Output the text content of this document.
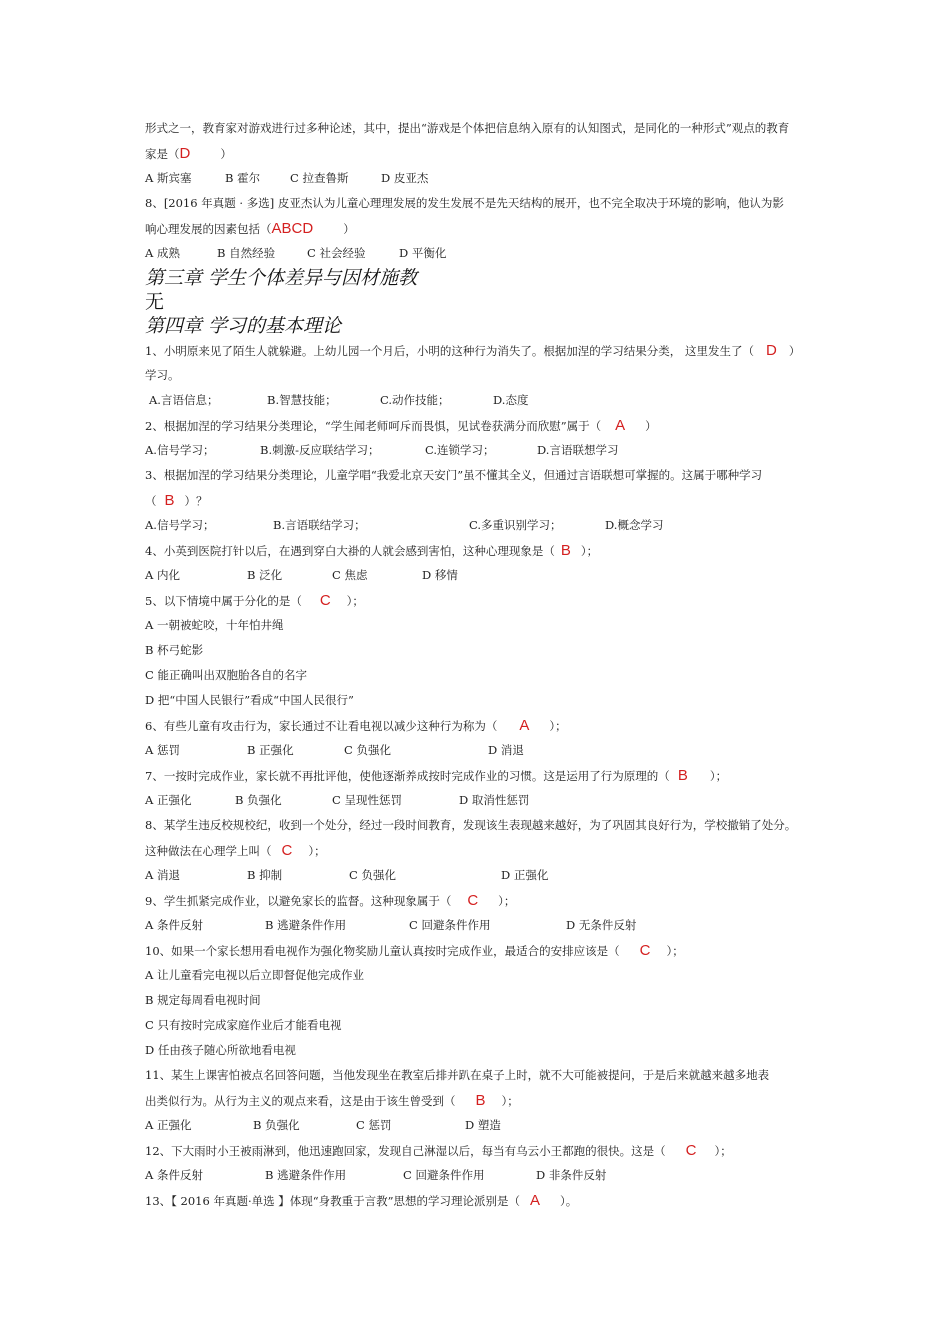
形式之一，教育家对游戏进行过多种论述，其中，提出“游戏是个体把信息纳入原有的认知图式，是同化的一种形式”观点的教育
家是（D	）
A 斯宾塞	B 霍尔	C 拉查鲁斯	D 皮亚杰
8、[2016 年真题 · 多选] 皮亚杰认为儿童心理理发展的发生发展不是先天结构的展开，也不完全取决于环境的影响，他认为影
响心理发展的因素包括（ABCD	）
A 成熟	B 自然经验	C 社会经验	D 平衡化
第三章 学生个体差异与因材施教
无
第四章 学习的基本理论
1、小明原来见了陌生人就躲避。上幼儿园一个月后，小明的这种行为消失了。根据加涅的学习结果分类， 这里发生了（ D ）
学习。
A.言语信息；	B.智慧技能；	C.动作技能；	D.态度
2、根据加涅的学习结果分类理论，“学生闻老师呵斥而畏惧，见试卷获满分而欣慰”属于（ A ）
A.信号学习；	B.刺激-反应联结学习；	C.连锁学习；	D.言语联想学习
3、根据加涅的学习结果分类理论，儿童学唱“我爱北京天安门”虽不懂其全义，但通过言语联想可掌握的。这属于哪种学习
（ B ）？
A.信号学习；	B.言语联结学习；	C.多重识别学习；	D.概念学习
4、小英到医院打针以后，在遇到穿白大褂的人就会感到害怕，这种心理现象是（ B ）；
A 内化	B 泛化	C 焦虑	D 移情
5、以下情境中属于分化的是（ C ）；
A 一朝被蛇咬，十年怕井绳
B 杯弓蛇影
C 能正确叫出双胞胎各自的名字
D 把“中国人民银行”看成“中国人民很行”
6、有些儿童有攻击行为，家长通过不让看电视以减少这种行为称为（ A ）；
A 惩罚	B 正强化	C 负强化	D 消退
7、一按时完成作业，家长就不再批评他，使他逐渐养成按时完成作业的习惯。这是运用了行为原理的（ B ）；
A 正强化	B 负强化	C 呈现性惩罚	D 取消性惩罚
8、某学生违反校规校纪，收到一个处分，经过一段时间教育，发现该生表现越来越好，为了巩固其良好行为，学校撤销了处分。
这种做法在心理学上叫（ C ）；
A 消退	B 抑制	C 负强化	D 正强化
9、学生抓紧完成作业，以避免家长的监督。这种现象属于（ C ）；
A 条件反射	B 逃避条件作用	C 回避条件作用	D 无条件反射
10、如果一个家长想用看电视作为强化物奖励儿童认真按时完成作业，最适合的安排应该是（ C ）；
A 让儿童看完电视以后立即督促他完成作业
B 规定每周看电视时间
C 只有按时完成家庭作业后才能看电视
D 任由孩子随心所欲地看电视
11、某生上课害怕被点名回答问题，当他发现坐在教室后排并趴在桌子上时，就不大可能被提问，于是后来就越来越多地表
出类似行为。从行为主义的观点来看，这是由于该生曾受到（ B ）；
A 正强化	B 负强化	C 惩罚	D 塑造
12、下大雨时小王被雨淋到，他迅速跑回家，发现自己淋湿以后，每当有乌云小王都跑的很快。这是（ C ）；
A 条件反射	B 逃避条件作用	C 回避条件作用	D 非条件反射
13、【 2016 年真题·单选 】体现“身教重于言教”思想的学习理论派别是（ A ）。
